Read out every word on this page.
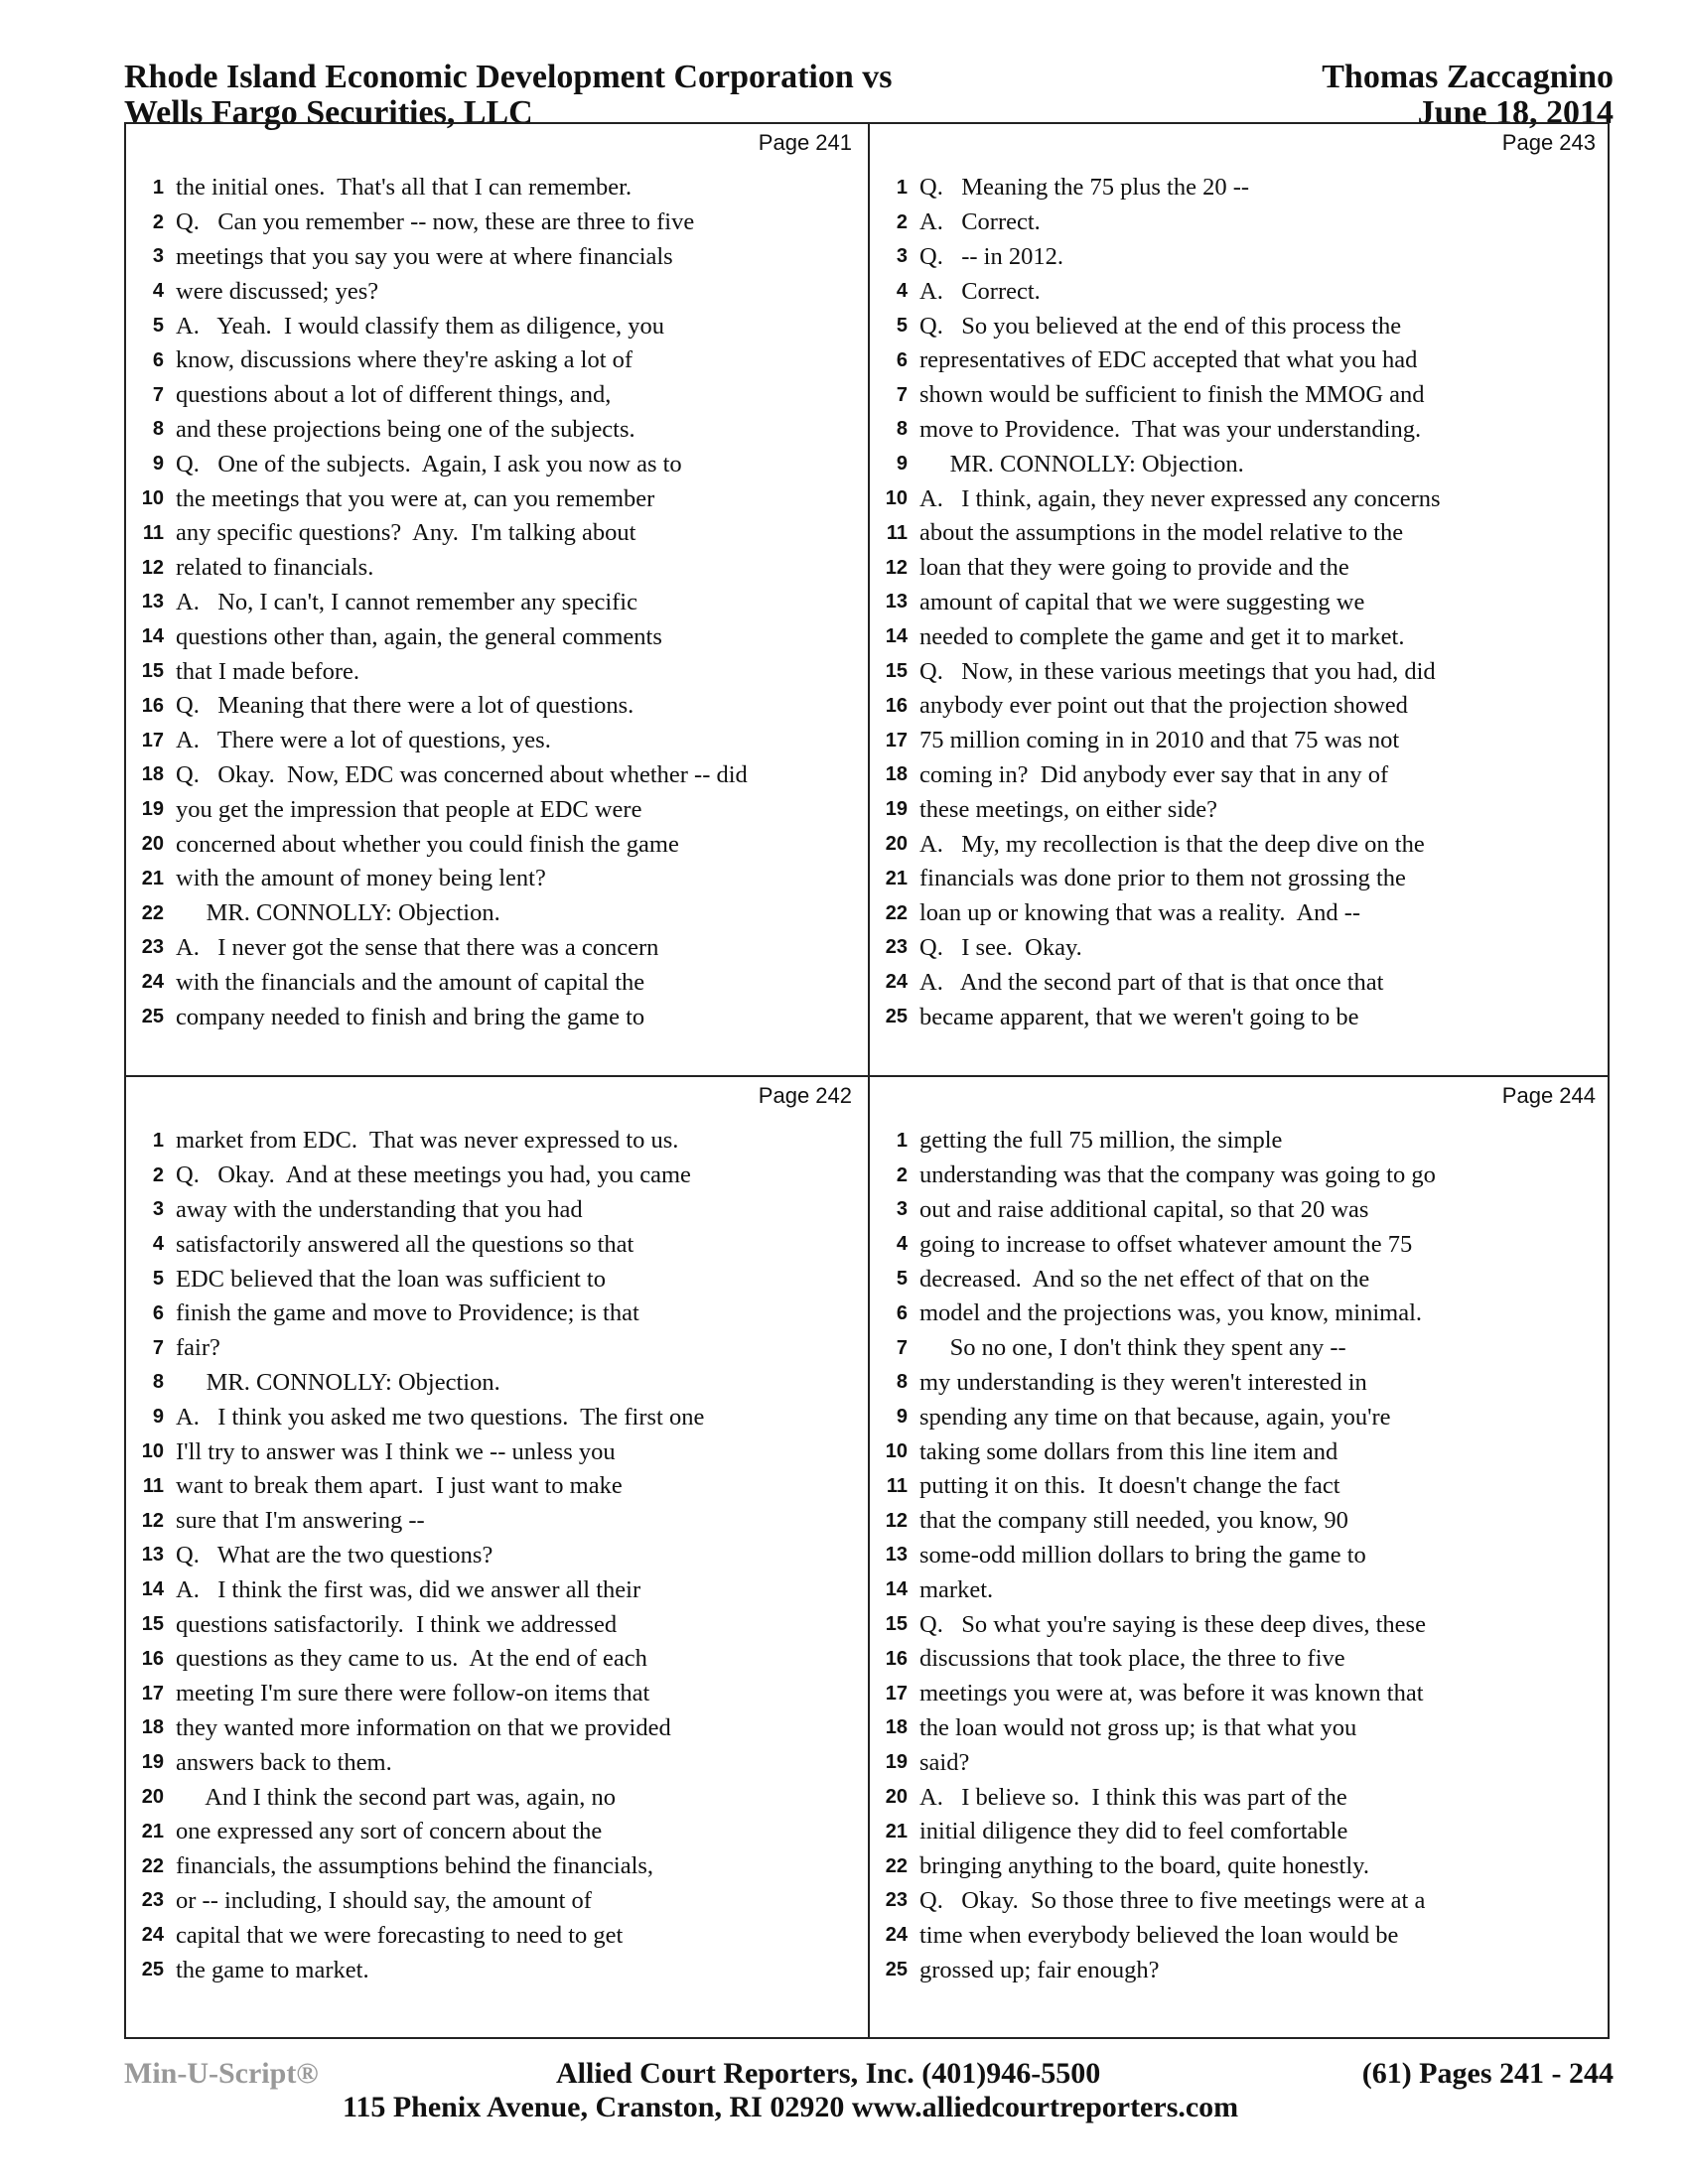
Rhode Island Economic Development Corporation vs
Wells Fargo Securities, LLC
Thomas Zaccagnino
June 18, 2014
Page 241
1 the initial ones.  That's all that I can remember.
2 Q.   Can you remember -- now, these are three to five
3 meetings that you say you were at where financials
4 were discussed; yes?
5 A.   Yeah.  I would classify them as diligence, you
6 know, discussions where they're asking a lot of
7 questions about a lot of different things, and,
8 and these projections being one of the subjects.
9 Q.   One of the subjects.  Again, I ask you now as to
10 the meetings that you were at, can you remember
11 any specific questions?  Any.  I'm talking about
12 related to financials.
13 A.   No, I can't, I cannot remember any specific
14 questions other than, again, the general comments
15 that I made before.
16 Q.   Meaning that there were a lot of questions.
17 A.   There were a lot of questions, yes.
18 Q.   Okay.  Now, EDC was concerned about whether -- did
19 you get the impression that people at EDC were
20 concerned about whether you could finish the game
21 with the amount of money being lent?
22 MR. CONNOLLY: Objection.
23 A.   I never got the sense that there was a concern
24 with the financials and the amount of capital the
25 company needed to finish and bring the game to
Page 243
1 Q.   Meaning the 75 plus the 20 --
2 A.   Correct.
3 Q.   -- in 2012.
4 A.   Correct.
5 Q.   So you believed at the end of this process the
6 representatives of EDC accepted that what you had
7 shown would be sufficient to finish the MMOG and
8 move to Providence.  That was your understanding.
9 MR. CONNOLLY: Objection.
10 A.   I think, again, they never expressed any concerns
11 about the assumptions in the model relative to the
12 loan that they were going to provide and the
13 amount of capital that we were suggesting we
14 needed to complete the game and get it to market.
15 Q.   Now, in these various meetings that you had, did
16 anybody ever point out that the projection showed
17 75 million coming in in 2010 and that 75 was not
18 coming in?  Did anybody ever say that in any of
19 these meetings, on either side?
20 A.   My, my recollection is that the deep dive on the
21 financials was done prior to them not grossing the
22 loan up or knowing that was a reality.  And --
23 Q.   I see.  Okay.
24 A.   And the second part of that is that once that
25 became apparent, that we weren't going to be
Page 242
1 market from EDC.  That was never expressed to us.
2 Q.   Okay.  And at these meetings you had, you came
3 away with the understanding that you had
4 satisfactorily answered all the questions so that
5 EDC believed that the loan was sufficient to
6 finish the game and move to Providence; is that
7 fair?
8 MR. CONNOLLY: Objection.
9 A.   I think you asked me two questions.  The first one
10 I'll try to answer was I think we -- unless you
11 want to break them apart.  I just want to make
12 sure that I'm answering --
13 Q.   What are the two questions?
14 A.   I think the first was, did we answer all their
15 questions satisfactorily.  I think we addressed
16 questions as they came to us.  At the end of each
17 meeting I'm sure there were follow-on items that
18 they wanted more information on that we provided
19 answers back to them.
20 And I think the second part was, again, no
21 one expressed any sort of concern about the
22 financials, the assumptions behind the financials,
23 or -- including, I should say, the amount of
24 capital that we were forecasting to need to get
25 the game to market.
Page 244
1 getting the full 75 million, the simple
2 understanding was that the company was going to go
3 out and raise additional capital, so that 20 was
4 going to increase to offset whatever amount the 75
5 decreased.  And so the net effect of that on the
6 model and the projections was, you know, minimal.
7 So no one, I don't think they spent any --
8 my understanding is they weren't interested in
9 spending any time on that because, again, you're
10 taking some dollars from this line item and
11 putting it on this.  It doesn't change the fact
12 that the company still needed, you know, 90
13 some-odd million dollars to bring the game to
14 market.
15 Q.   So what you're saying is these deep dives, these
16 discussions that took place, the three to five
17 meetings you were at, was before it was known that
18 the loan would not gross up; is that what you
19 said?
20 A.   I believe so.  I think this was part of the
21 initial diligence they did to feel comfortable
22 bringing anything to the board, quite honestly.
23 Q.   Okay.  So those three to five meetings were at a
24 time when everybody believed the loan would be
25 grossed up; fair enough?
Min-U-Script®	Allied Court Reporters, Inc. (401)946-5500	(61) Pages 241 - 244
115 Phenix Avenue, Cranston, RI 02920 www.alliedcourtreporters.com
